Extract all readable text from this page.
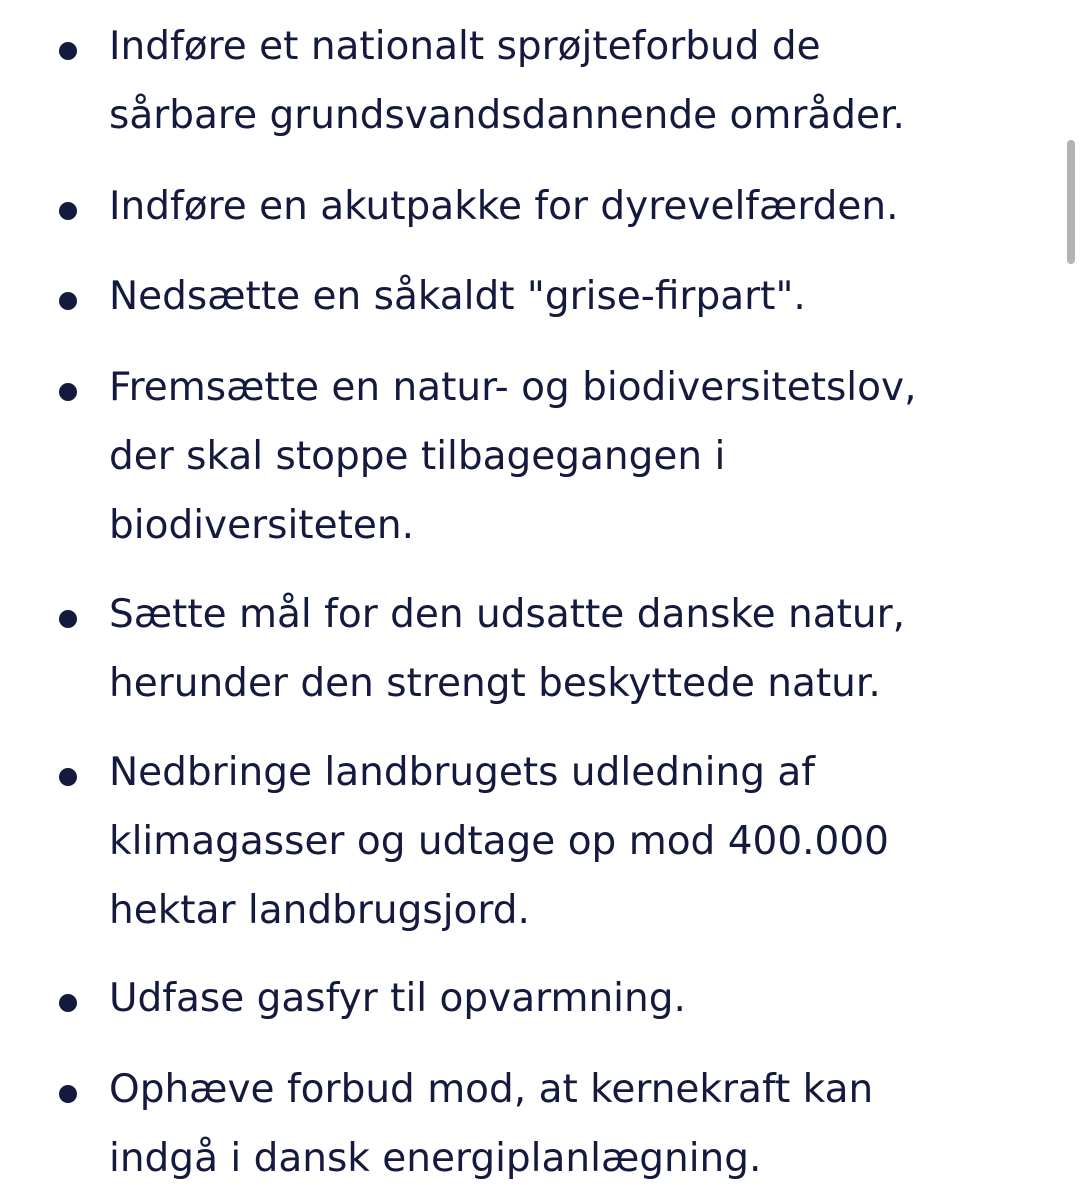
Indføre et nationalt sprøjteforbud de
sårbare grundsvandsdannende områder.
Indføre en akutpakke for dyrevelfærden.
Nedsætte en såkaldt "grise-firpart".
Fremsætte en natur- og biodiversitetslov,
der skal stoppe tilbagegangen i
biodiversiteten.
Sætte mål for den udsatte danske natur,
herunder den strengt beskyttede natur.
Nedbringe landbrugets udledning af
klimagasser og udtage op mod 400.000
hektar landbrugsjord.
Udfase gasfyr til opvarmning.
Ophæve forbud mod, at kernekraft kan
indgå i dansk energiplanlægning.
